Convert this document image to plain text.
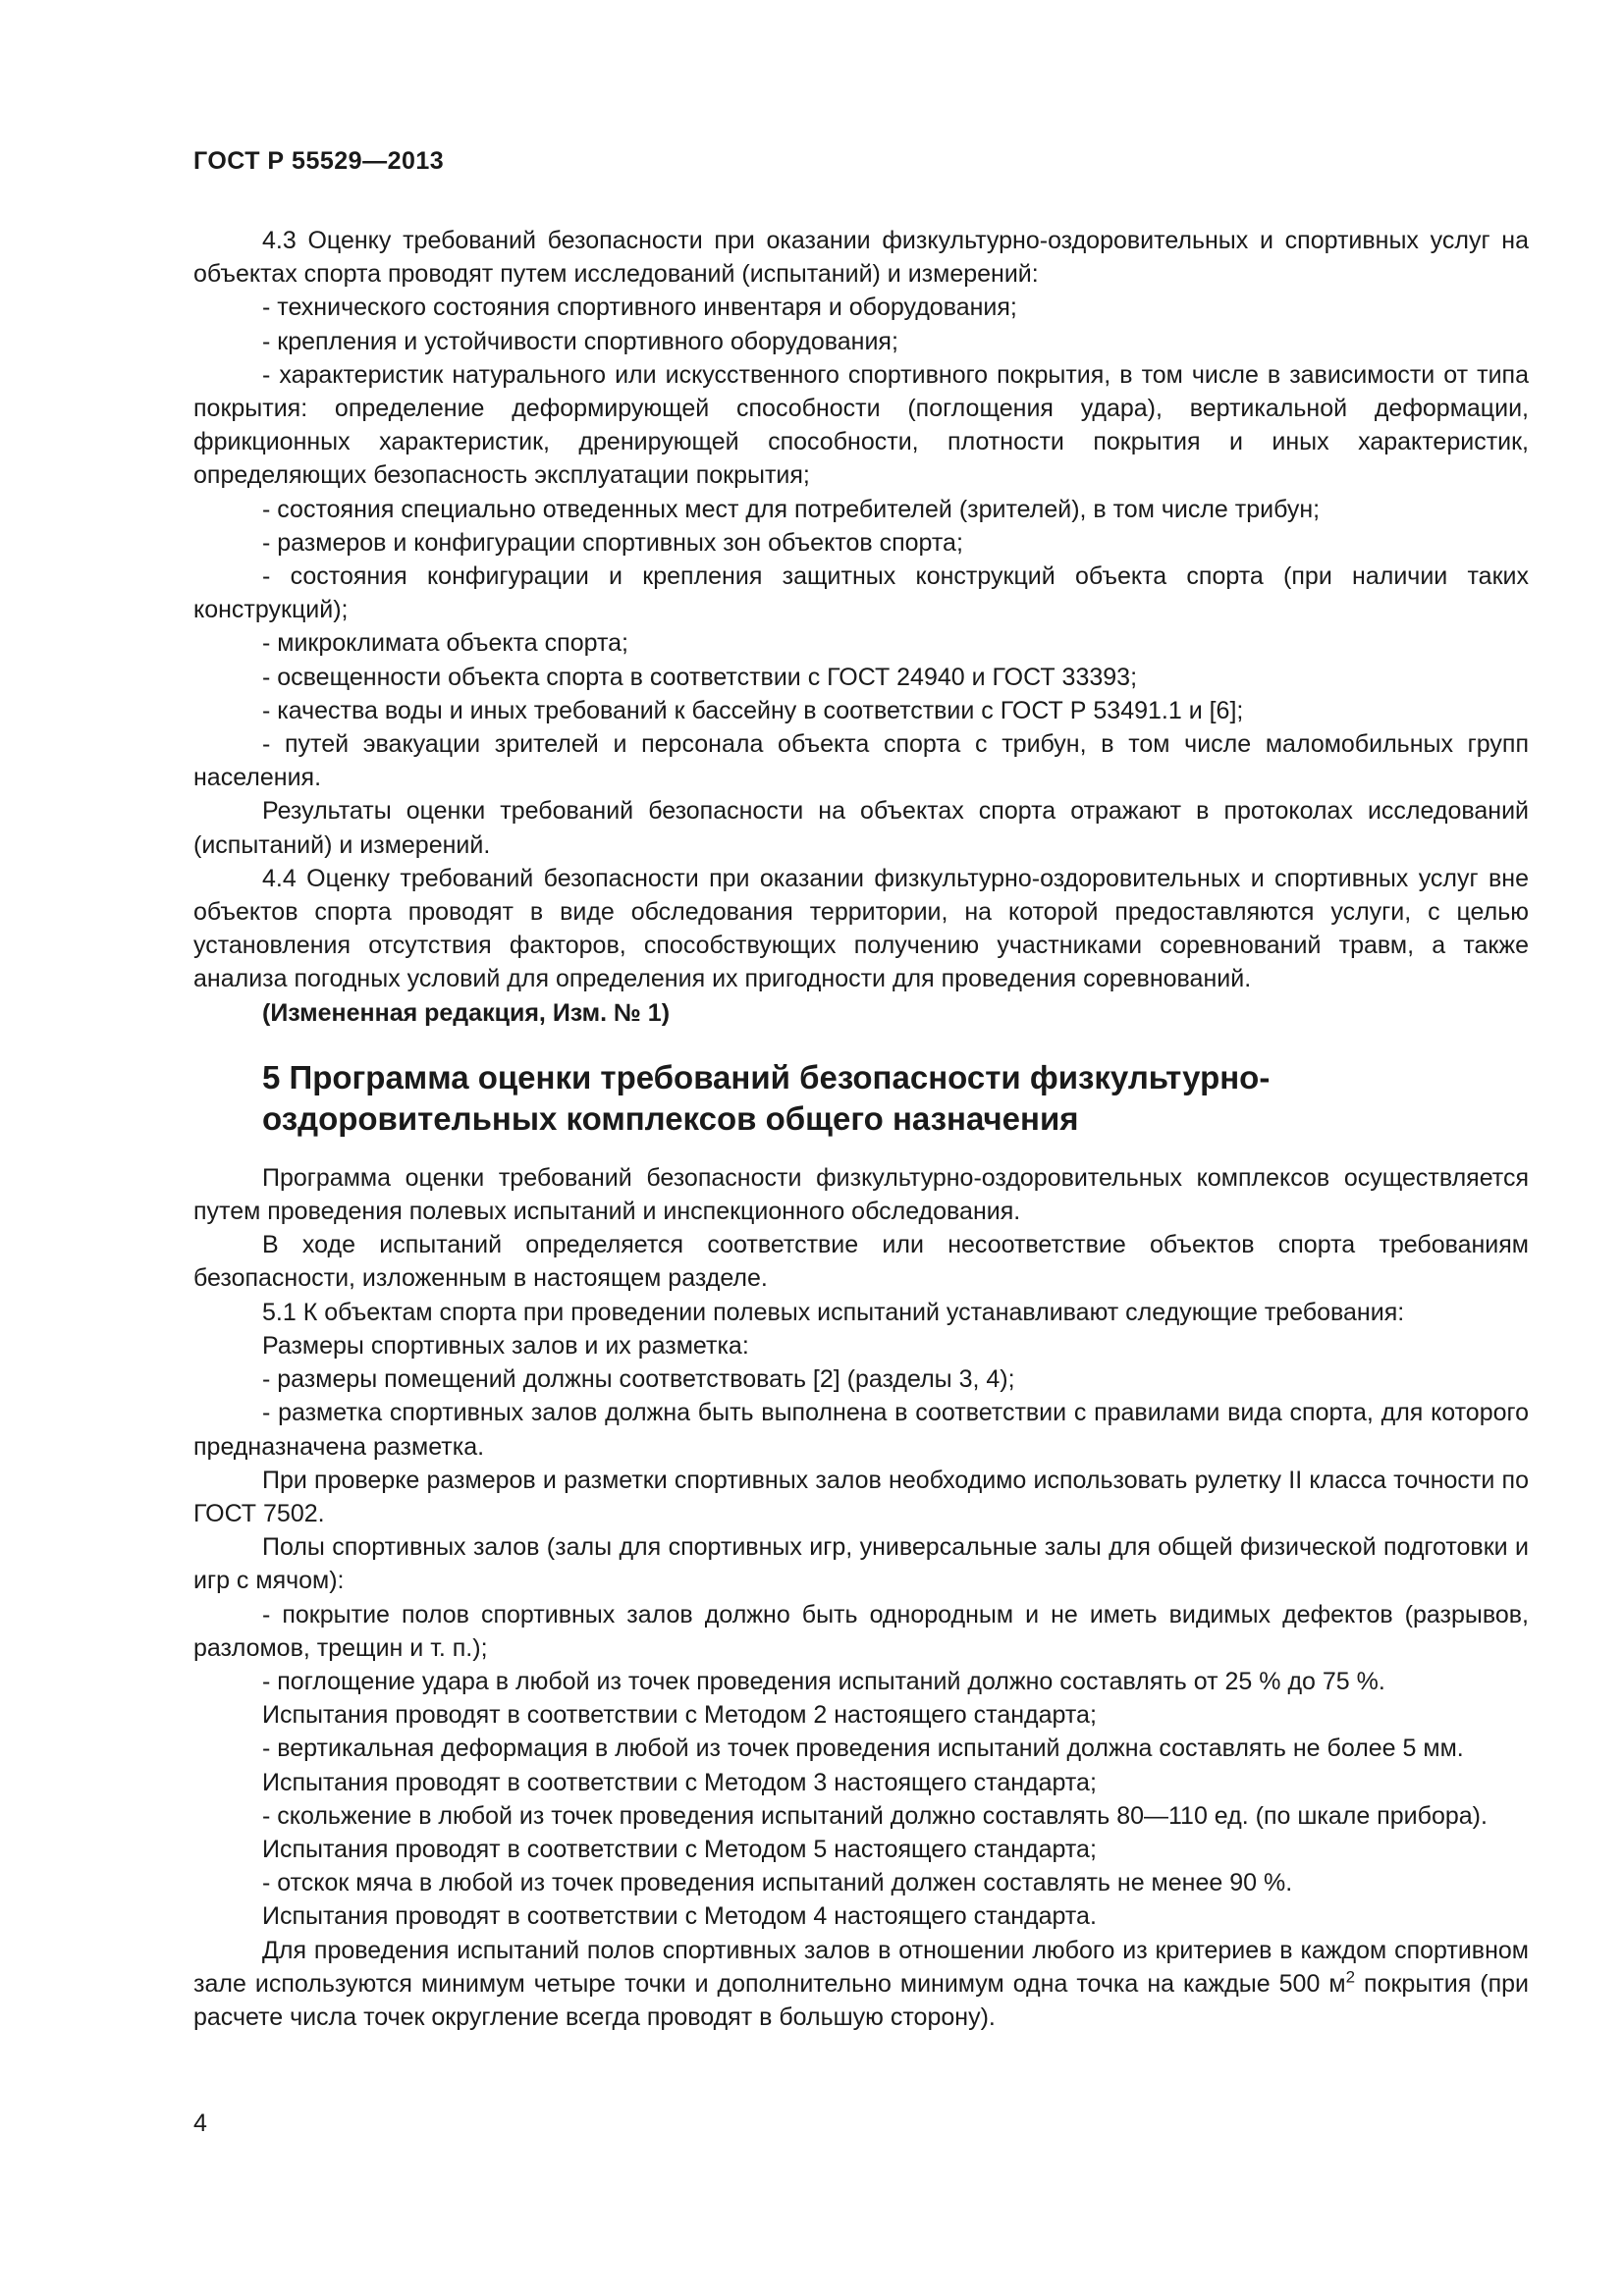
ГОСТ Р 55529—2013

4.3 Оценку требований безопасности при оказании физкультурно-оздоровительных и спортивных услуг на объектах спорта проводят путем исследований (испытаний) и измерений:

- технического состояния спортивного инвентаря и оборудования;

- крепления и устойчивости спортивного оборудования;

- характеристик натурального или искусственного спортивного покрытия, в том числе в зависимости от типа покрытия: определение деформирующей способности (поглощения удара), вертикальной деформации, фрикционных характеристик, дренирующей способности, плотности покрытия и иных характеристик, определяющих безопасность эксплуатации покрытия;

- состояния специально отведенных мест для потребителей (зрителей), в том числе трибун;

- размеров и конфигурации спортивных зон объектов спорта;

- состояния конфигурации и крепления защитных конструкций объекта спорта (при наличии таких конструкций);

- микроклимата объекта спорта;

- освещенности объекта спорта в соответствии с ГОСТ 24940 и ГОСТ 33393;

- качества воды и иных требований к бассейну в соответствии с ГОСТ Р 53491.1 и [6];

- путей эвакуации зрителей и персонала объекта спорта с трибун, в том числе маломобильных групп населения.

Результаты оценки требований безопасности на объектах спорта отражают в протоколах исследований (испытаний) и измерений.

4.4 Оценку требований безопасности при оказании физкультурно-оздоровительных и спортивных услуг вне объектов спорта проводят в виде обследования территории, на которой предоставляются услуги, с целью установления отсутствия факторов, способствующих получению участниками соревнований травм, а также анализа погодных условий для определения их пригодности для проведения соревнований.

(Измененная редакция, Изм. № 1)

5 Программа оценки требований безопасности физкультурно-
оздоровительных комплексов общего назначения

Программа оценки требований безопасности физкультурно-оздоровительных комплексов осуществляется путем проведения полевых испытаний и инспекционного обследования.

В ходе испытаний определяется соответствие или несоответствие объектов спорта требованиям безопасности, изложенным в настоящем разделе.

5.1 К объектам спорта при проведении полевых испытаний устанавливают следующие требования:

Размеры спортивных залов и их разметка:

- размеры помещений должны соответствовать [2] (разделы 3, 4);

- разметка спортивных залов должна быть выполнена в соответствии с правилами вида спорта, для которого предназначена разметка.

При проверке размеров и разметки спортивных залов необходимо использовать рулетку II класса точности по ГОСТ 7502.

Полы спортивных залов (залы для спортивных игр, универсальные залы для общей физической подготовки и игр с мячом):

- покрытие полов спортивных залов должно быть однородным и не иметь видимых дефектов (разрывов, разломов, трещин и т. п.);

- поглощение удара в любой из точек проведения испытаний должно составлять от 25 % до 75 %.

Испытания проводят в соответствии с Методом 2 настоящего стандарта;

- вертикальная деформация в любой из точек проведения испытаний должна составлять не более 5 мм.

Испытания проводят в соответствии с Методом 3 настоящего стандарта;

- скольжение в любой из точек проведения испытаний должно составлять 80—110 ед. (по шкале прибора).

Испытания проводят в соответствии с Методом 5 настоящего стандарта;

- отскок мяча в любой из точек проведения испытаний должен составлять не менее 90 %.

Испытания проводят в соответствии с Методом 4 настоящего стандарта.

Для проведения испытаний полов спортивных залов в отношении любого из критериев в каждом спортивном зале используются минимум четыре точки и дополнительно минимум одна точка на каждые 500 $м^2$ покрытия (при расчете числа точек округление всегда проводят в большую сторону).

4
